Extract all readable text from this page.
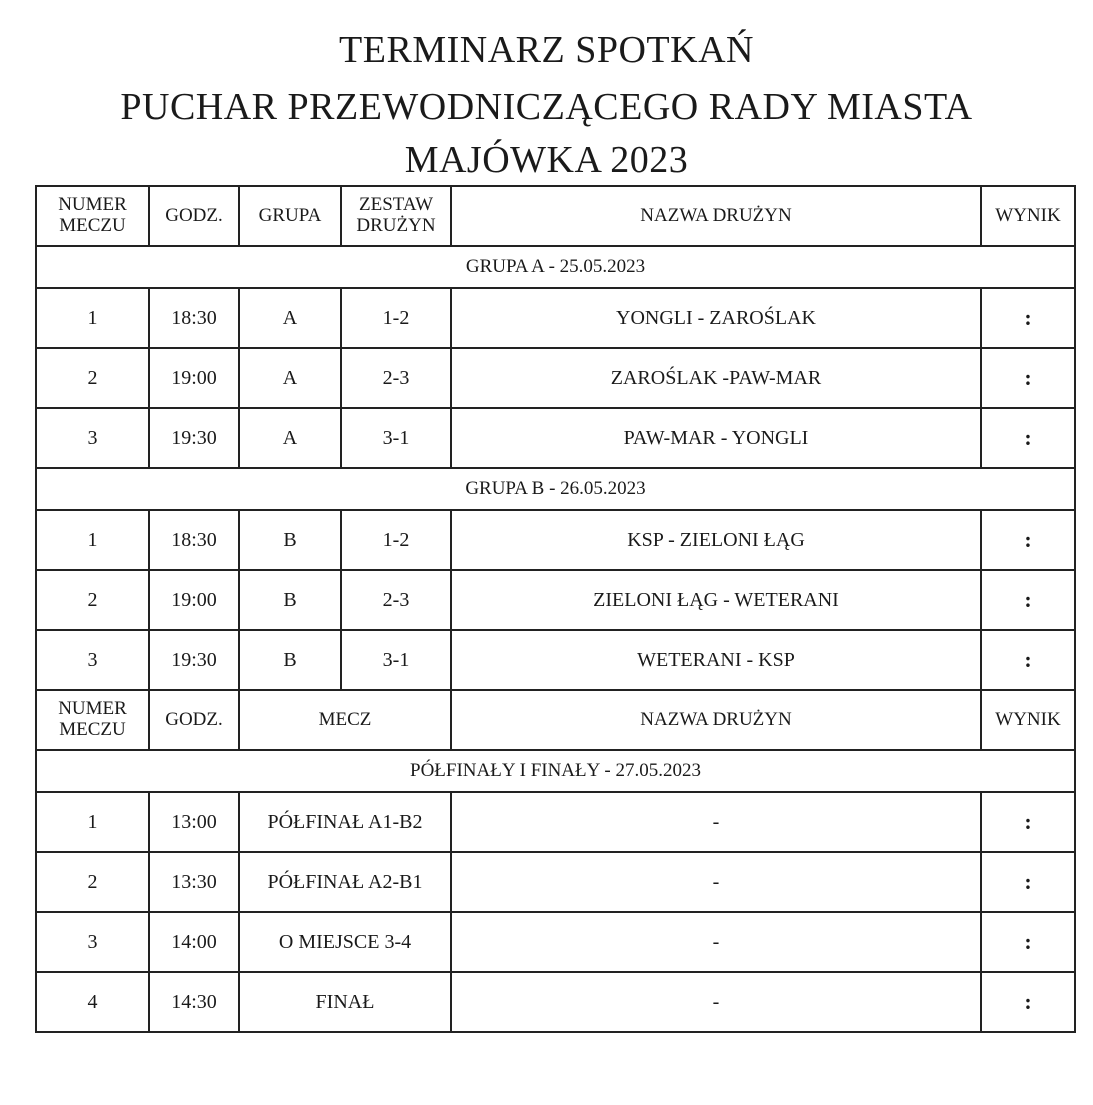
TERMINARZ SPOTKAŃ
PUCHAR PRZEWODNICZĄCEGO RADY MIASTA
MAJÓWKA 2023
NUMER MECZU	GODZ.	GRUPA	ZESTAW DRUŻYN	NAZWA DRUŻYN	WYNIK
GRUPA A - 25.05.2023					
1	18:30	A	1-2	YONGLI - ZAROŚLAK	:
2	19:00	A	2-3	ZAROŚLAK -PAW-MAR	:
3	19:30	A	3-1	PAW-MAR - YONGLI	:
GRUPA B - 26.05.2023					
1	18:30	B	1-2	KSP - ZIELONI ŁĄG	:
2	19:00	B	2-3	ZIELONI ŁĄG - WETERANI	:
3	19:30	B	3-1	WETERANI - KSP	:
NUMER MECZU	GODZ.	MECZ		NAZWA DRUŻYN	WYNIK
PÓŁFINAŁY I FINAŁY - 27.05.2023					
1	13:00	PÓŁFINAŁ A1-B2		-	:
2	13:30	PÓŁFINAŁ A2-B1		-	:
3	14:00	O MIEJSCE 3-4		-	:
4	14:30	FINAŁ		-	:
